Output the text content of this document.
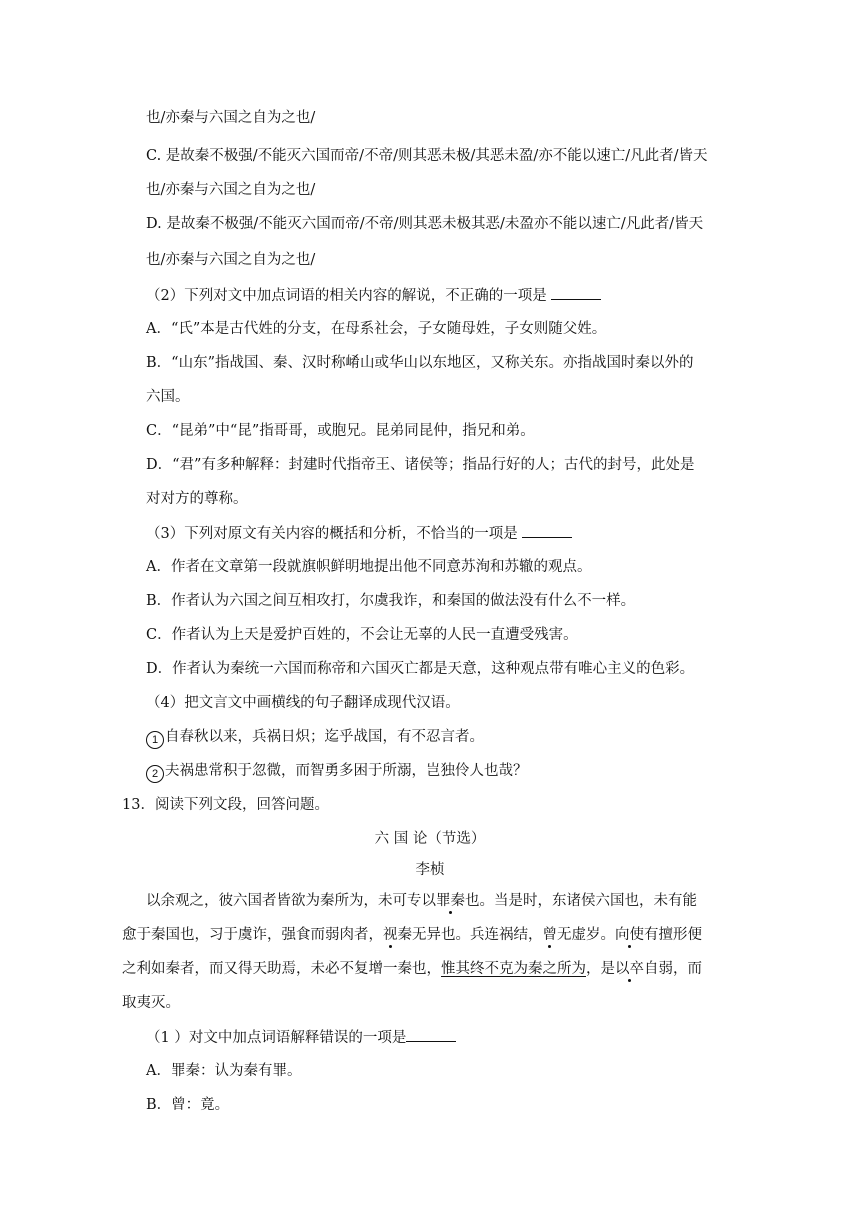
也/亦秦与六国之自为之也/
C. 是故秦不极强/不能灭六国而帝/不帝/则其恶未极/其恶未盈/亦不能以速亡/凡此者/皆天
也/亦秦与六国之自为之也/
D. 是故秦不极强/不能灭六国而帝/不帝/则其恶未极其恶/未盈亦不能以速亡/凡此者/皆天
也/亦秦与六国之自为之也/
（2）下列对文中加点词语的相关内容的解说，不正确的一项是
A．“氏”本是古代姓的分支，在母系社会，子女随母姓，子女则随父姓。
B．“山东”指战国、秦、汉时称崤山或华山以东地区，又称关东。亦指战国时秦以外的
六国。
C．“昆弟”中“昆”指哥哥，或胞兄。昆弟同昆仲，指兄和弟。
D．“君”有多种解释：封建时代指帝王、诸侯等；指品行好的人；古代的封号，此处是
对对方的尊称。
（3）下列对原文有关内容的概括和分析，不恰当的一项是
A．作者在文章第一段就旗帜鲜明地提出他不同意苏洵和苏辙的观点。
B．作者认为六国之间互相攻打，尔虞我诈，和秦国的做法没有什么不一样。
C．作者认为上天是爱护百姓的，不会让无辜的人民一直遭受残害。
D．作者认为秦统一六国而称帝和六国灭亡都是天意，这种观点带有唯心主义的色彩。
（4）把文言文中画横线的句子翻译成现代汉语。
1 自春秋以来，兵祸日炽；迄乎战国，有不忍言者。
2 夫祸患常积于忽微，而智勇多困于所溺，岂独伶人也哉？
13．阅读下列文段，回答问题。
六 国 论（节选）
李桢
以余观之，彼六国者皆欲为秦所为，未可专以罪秦也。当是时，东诸侯六国也，未有能
愈于秦国也，习于虞诈，强食而弱肉者，视秦无异也。兵连祸结，曾无虚岁。向使有擅形便
之利如秦者，而又得天助焉，未必不复增一秦也，惟其终不克为秦之所为，是以卒自弱，而
取夷灭。
（1 ）对文中加点词语解释错误的一项是
A．罪秦：认为秦有罪。
B．曾：竟。
